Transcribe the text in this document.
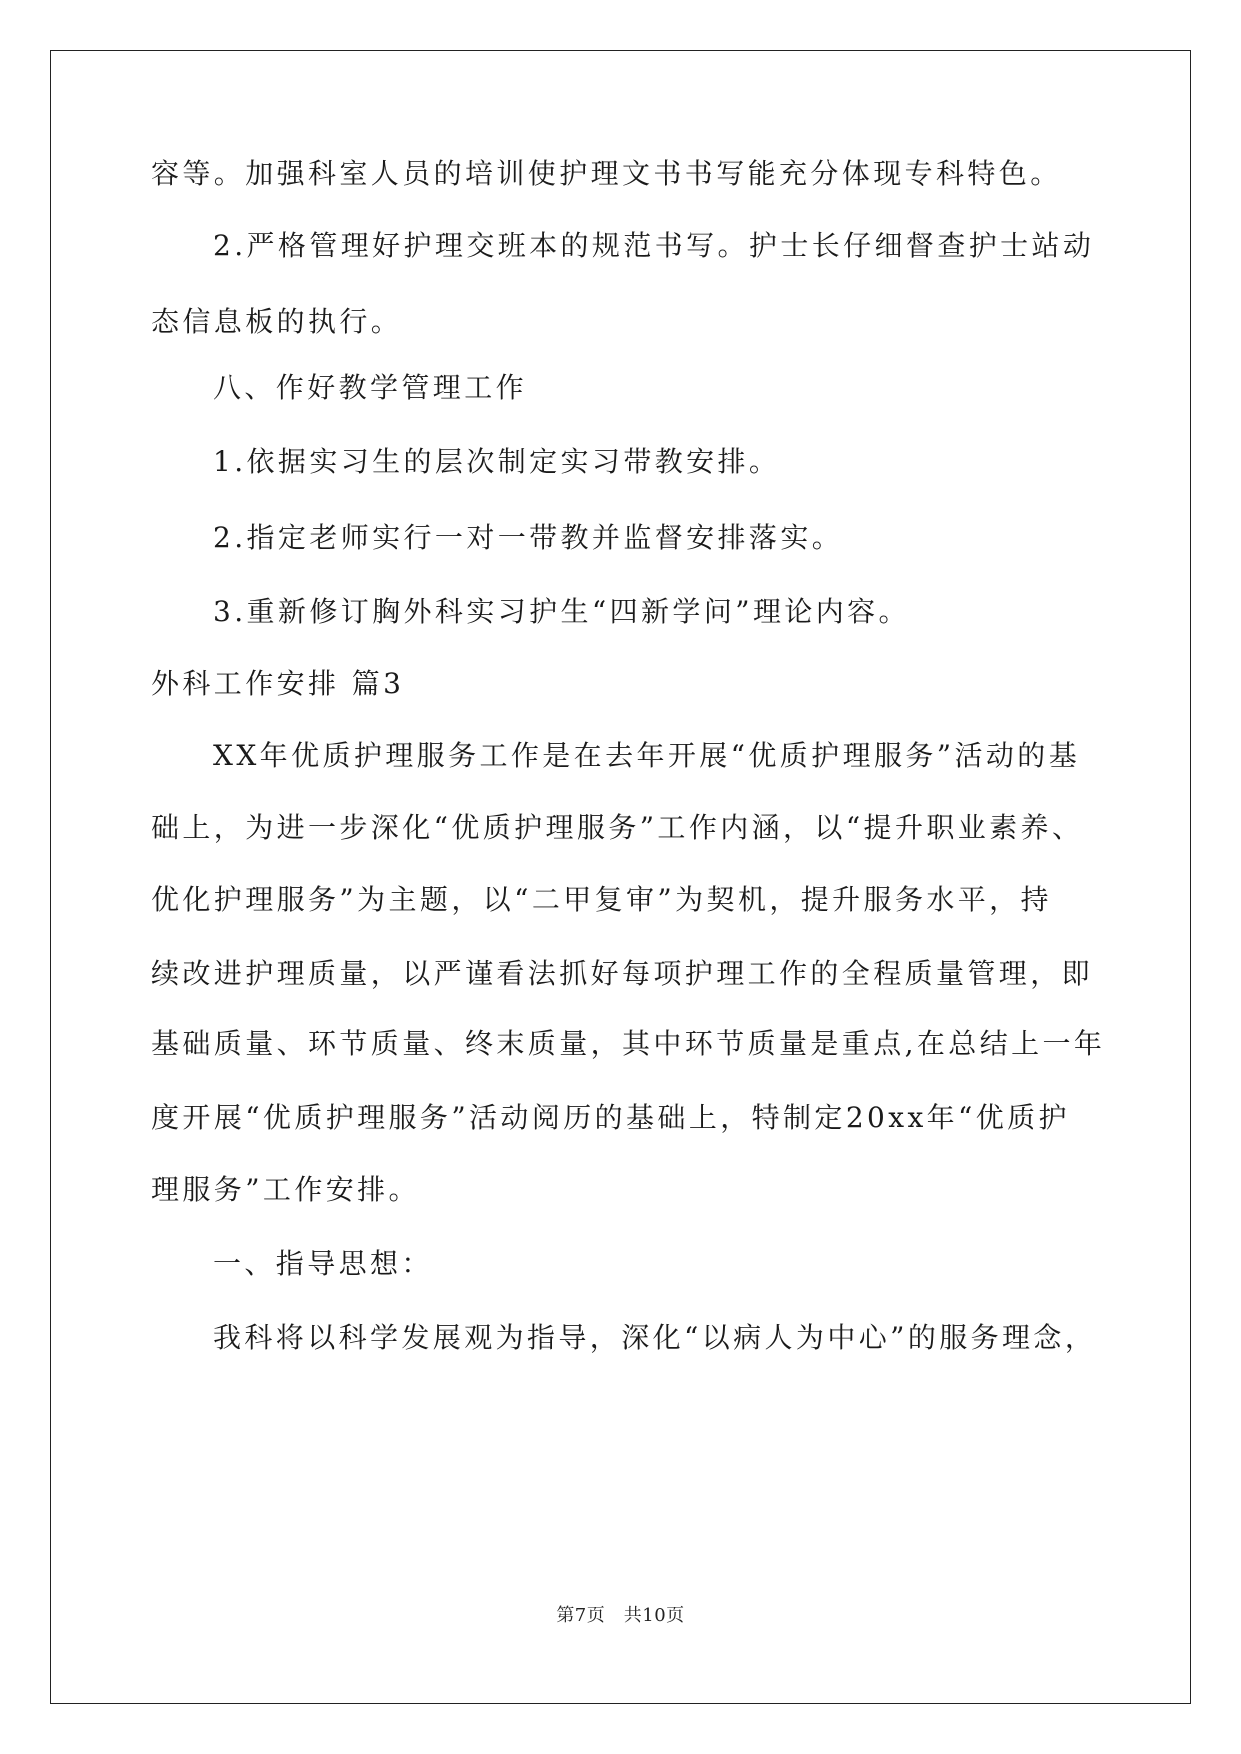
容等。加强科室人员的培训使护理文书书写能充分体现专科特色。
2.严格管理好护理交班本的规范书写。护士长仔细督查护士站动
态信息板的执行。
八、作好教学管理工作
1.依据实习生的层次制定实习带教安排。
2.指定老师实行一对一带教并监督安排落实。
3.重新修订胸外科实习护生“四新学问”理论内容。
外科工作安排 篇3
XX年优质护理服务工作是在去年开展“优质护理服务”活动的基
础上，为进一步深化“优质护理服务”工作内涵，以“提升职业素养、
优化护理服务”为主题，以“二甲复审”为契机，提升服务水平，持
续改进护理质量，以严谨看法抓好每项护理工作的全程质量管理，即
基础质量、环节质量、终末质量，其中环节质量是重点,在总结上一年
度开展“优质护理服务”活动阅历的基础上，特制定20xx年“优质护
理服务”工作安排。
一、指导思想：
我科将以科学发展观为指导，深化“以病人为中心”的服务理念，
第7页　共10页
